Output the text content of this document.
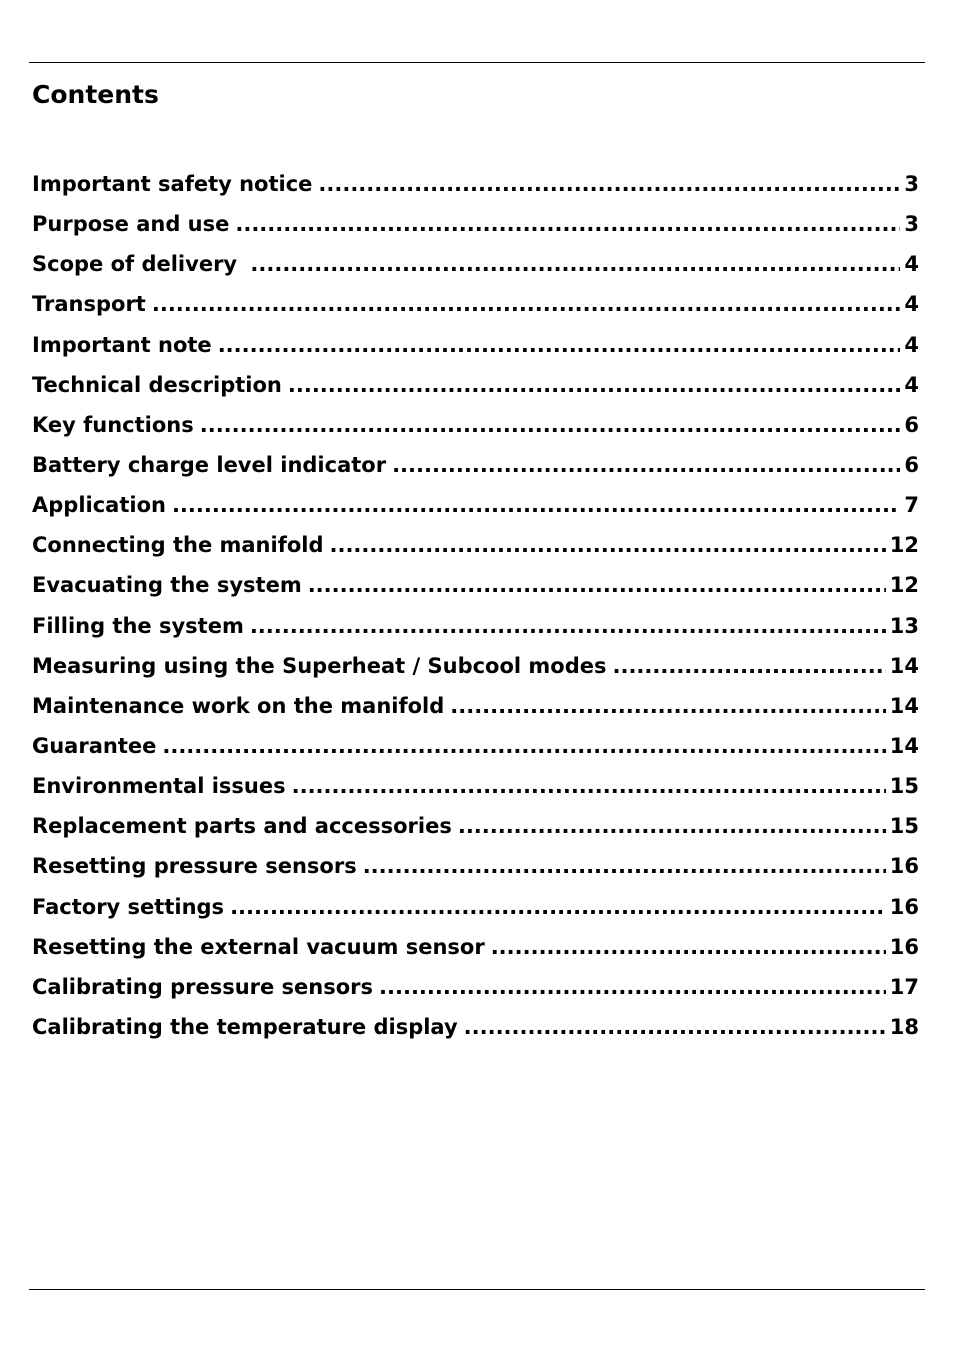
Contents
Important safety notice .....	3
Purpose and use .....	3
Scope of delivery .....	4
Transport .....	4
Important note .....	4
Technical description .....	4
Key functions .....	6
Battery charge level indicator .....	6
Application .....	7
Connecting the manifold .....	12
Evacuating the system .....	12
Filling the system .....	13
Measuring using the Superheat / Subcool modes .....	14
Maintenance work on the manifold .....	14
Guarantee .....	14
Environmental issues .....	15
Replacement parts and accessories .....	15
Resetting pressure sensors .....	16
Factory settings .....	16
Resetting the external vacuum sensor .....	16
Calibrating pressure sensors .....	17
Calibrating the temperature display .....	18
